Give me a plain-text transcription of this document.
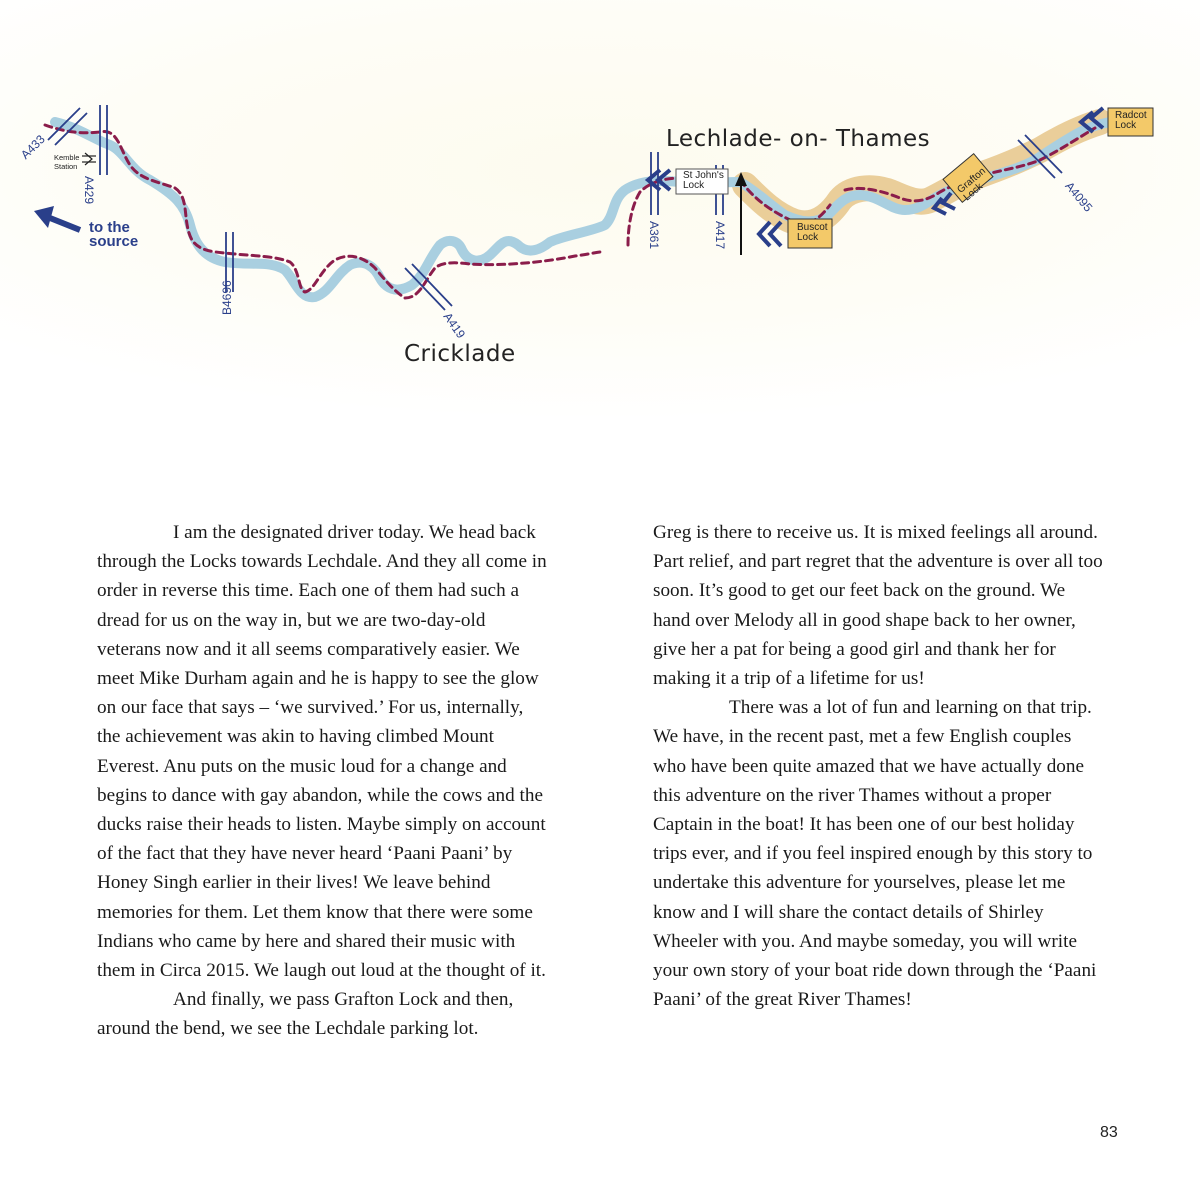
Lechlade- on- Thames
Cricklade
A433
A429
B4696
A419
A361	A417
A4095
Kemble
Station
to the
source
St John's
Lock
Buscot
Lock
Grafton
Lock
Radcot
Lock

I am the designated driver today. We head back through the Locks towards Lechdale. And they all come in order in reverse this time. Each one of them had such a dread for us on the way in, but we are two-day-old veterans now and it all seems comparatively easier. We meet Mike Durham again and he is happy to see the glow on our face that says – ‘we survived.’ For us, internally, the achievement was akin to having climbed Mount Everest. Anu puts on the music loud for a change and begins to dance with gay abandon, while the cows and the ducks raise their heads to listen. Maybe simply on account of the fact that they have never heard ‘Paani Paani’ by Honey Singh earlier in their lives! We leave behind memories for them. Let them know that there were some Indians who came by here and shared their music with them in Circa 2015. We laugh out loud at the thought of it.

And finally, we pass Grafton Lock and then, around the bend, we see the Lechdale parking lot.

Greg is there to receive us. It is mixed feelings all around. Part relief, and part regret that the adventure is over all too soon. It’s good to get our feet back on the ground. We hand over Melody all in good shape back to her owner, give her a pat for being a good girl and thank her for making it a trip of a lifetime for us!

There was a lot of fun and learning on that trip. We have, in the recent past, met a few English couples who have been quite amazed that we have actually done this adventure on the river Thames without a proper Captain in the boat! It has been one of our best holiday trips ever, and if you feel inspired enough by this story to undertake this adventure for yourselves, please let me know and I will share the contact details of Shirley Wheeler with you. And maybe someday, you will write your own story of your boat ride down through the ‘Paani Paani’ of the great River Thames!

83
